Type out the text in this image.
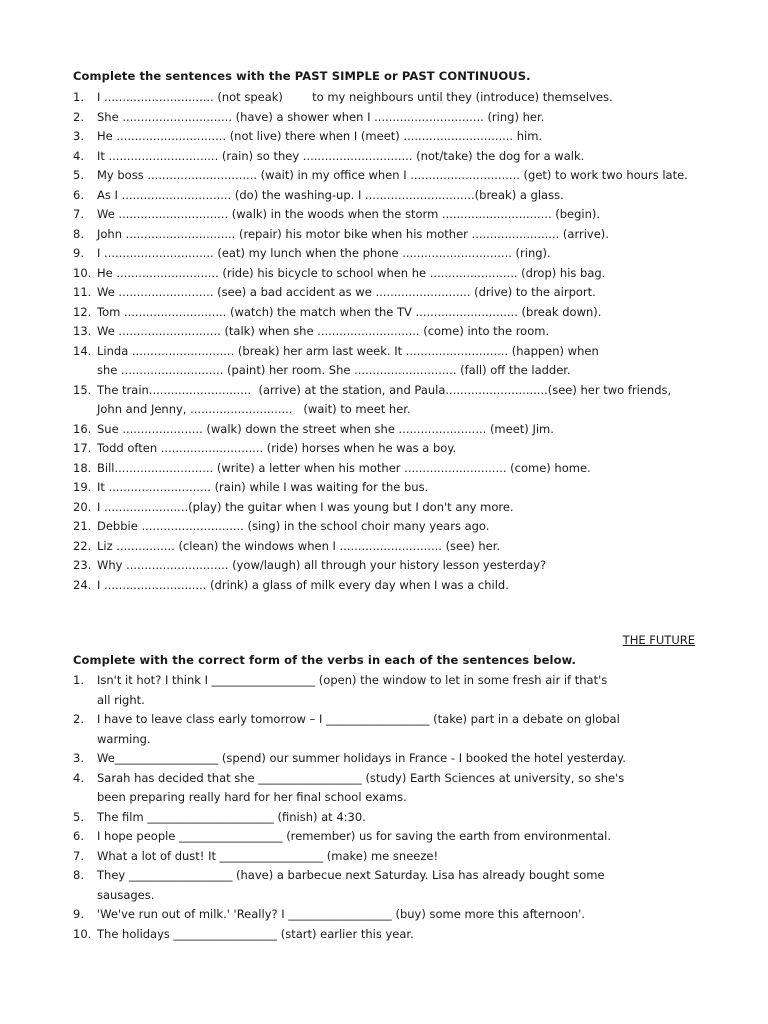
Complete the sentences with the PAST SIMPLE or PAST CONTINUOUS.
1. I .............................. (not speak)        to my neighbours until they (introduce) themselves.
2. She .............................. (have) a shower when I .............................. (ring) her.
3. He .............................. (not live) there when I (meet) .............................. him.
4. It .............................. (rain) so they .............................. (not/take) the dog for a walk.
5. My boss .............................. (wait) in my office when I .............................. (get) to work two hours late.
6. As I .............................. (do) the washing-up. I ..............................(break) a glass.
7. We .............................. (walk) in the woods when the storm .............................. (begin).
8. John .............................. (repair) his motor bike when his mother ........................ (arrive).
9. I .............................. (eat) my lunch when the phone .............................. (ring).
10. He ............................ (ride) his bicycle to school when he ........................ (drop) his bag.
11. We .......................... (see) a bad accident as we .......................... (drive) to the airport.
12. Tom ............................ (watch) the match when the TV ............................ (break down).
13. We ............................ (talk) when she ............................ (come) into the room.
14. Linda ............................ (break) her arm last week. It ............................ (happen) when
she ............................ (paint) her room. She ............................ (fall) off the ladder.
15. The train............................  (arrive) at the station, and Paula............................(see) her two friends,
John and Jenny, ............................   (wait) to meet her.
16. Sue ...................... (walk) down the street when she ........................ (meet) Jim.
17. Todd often ............................ (ride) horses when he was a boy.
18. Bill........................... (write) a letter when his mother ............................ (come) home.
19. It ............................ (rain) while I was waiting for the bus.
20. I .......................(play) the guitar when I was young but I don't any more.
21. Debbie ............................ (sing) in the school choir many years ago.
22. Liz ................ (clean) the windows when I ............................ (see) her.
23. Why ............................ (yow/laugh) all through your history lesson yesterday?
24. I ............................ (drink) a glass of milk every day when I was a child.
THE FUTURE
Complete with the correct form of the verbs in each of the sentences below.
1. Isn't it hot? I think I __________________ (open) the window to let in some fresh air if that's
all right.
2. I have to leave class early tomorrow – I __________________ (take) part in a debate on global
warming.
3. We__________________ (spend) our summer holidays in France - I booked the hotel yesterday.
4. Sarah has decided that she __________________ (study) Earth Sciences at university, so she's
been preparing really hard for her final school exams.
5. The film ______________________ (finish) at 4:30.
6. I hope people __________________ (remember) us for saving the earth from environmental.
7. What a lot of dust! It __________________ (make) me sneeze!
8. They __________________ (have) a barbecue next Saturday. Lisa has already bought some
sausages.
9. 'We've run out of milk.' 'Really? I __________________ (buy) some more this afternoon'.
10. The holidays __________________ (start) earlier this year.
